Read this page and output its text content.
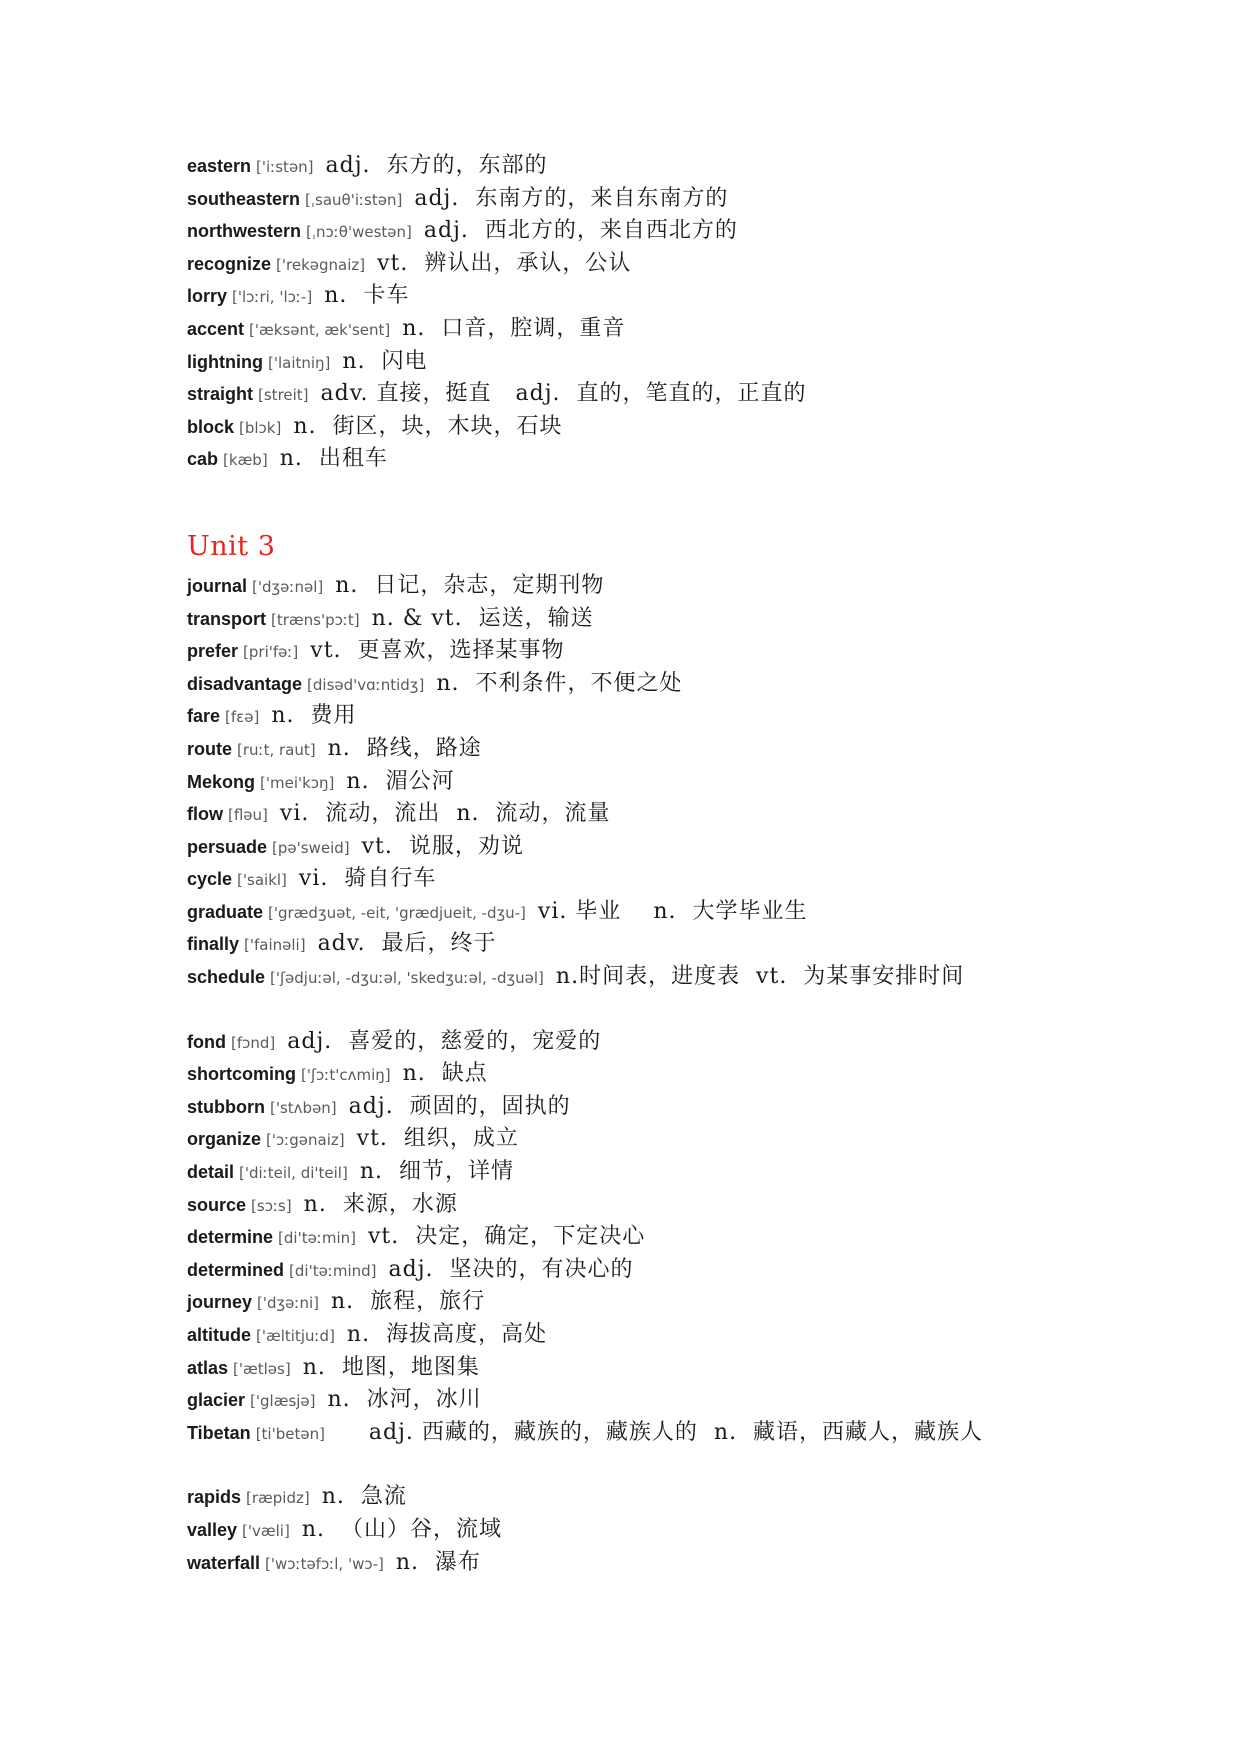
eastern ['iːstən] adj.  东方的，东部的
southeastern [ˌsauθ'iːstən] adj.  东南方的，来自东南方的
northwestern [ˌnɔːθ'westən] adj.  西北方的，来自西北方的
recognize ['rekəgnaiz] vt.  辨认出，承认，公认
lorry ['lɔːri, 'lɔː-] n.  卡车
accent ['æksənt, æk'sent] n.  口音，腔调，重音
lightning ['laitniŋ] n.  闪电
straight [streit] adv. 直接，挺直   adj.  直的，笔直的，正直的
block [blɔk] n.  街区，块，木块，石块
cab [kæb] n.  出租车
Unit 3
journal ['dʒəːnəl] n.  日记，杂志，定期刊物
transport [træns'pɔːt] n. & vt.  运送，输送
prefer [pri'fəː] vt.  更喜欢，选择某事物
disadvantage [disəd'vɑːntidʒ] n.  不利条件，不便之处
fare [fɛə] n.  费用
route [ruːt, raut] n.  路线，路途
Mekong ['mei'kɔŋ] n.  湄公河
flow [fləu] vi.  流动，流出  n.  流动，流量
persuade [pə'sweid] vt.  说服，劝说
cycle ['saikl] vi.  骑自行车
graduate ['grædʒuət, -eit, 'grædjueit, -dʒu-] vi. 毕业    n.  大学毕业生
finally ['fainəli] adv.  最后，终于
schedule ['ʃədjuːəl, -dʒuːəl, 'skedʒuːəl, -dʒuəl] n.时间表，进度表  vt.  为某事安排时间
fond [fɔnd] adj.  喜爱的，慈爱的，宠爱的
shortcoming ['ʃɔːt'cʌmiŋ] n.  缺点
stubborn ['stʌbən] adj.  顽固的，固执的
organize ['ɔːgənaiz] vt.  组织，成立
detail ['diːteil, di'teil] n.  细节，详情
source [sɔːs] n.  来源，水源
determine [di'təːmin] vt.  决定，确定，下定决心
determined [di'təːmind] adj.  坚决的，有决心的
journey ['dʒəːni] n.  旅程，旅行
altitude ['æltitjuːd] n.  海拔高度，高处
atlas ['ætləs] n.  地图，地图集
glacier ['glæsjə] n.  冰河，冰川
Tibetan [ti'betən]    adj. 西藏的，藏族的，藏族人的  n.  藏语，西藏人，藏族人
rapids [ræpidz] n.  急流
valley ['væli] n.  （山）谷，流域
waterfall ['wɔːtəfɔːl, 'wɔ-] n.  瀑布
